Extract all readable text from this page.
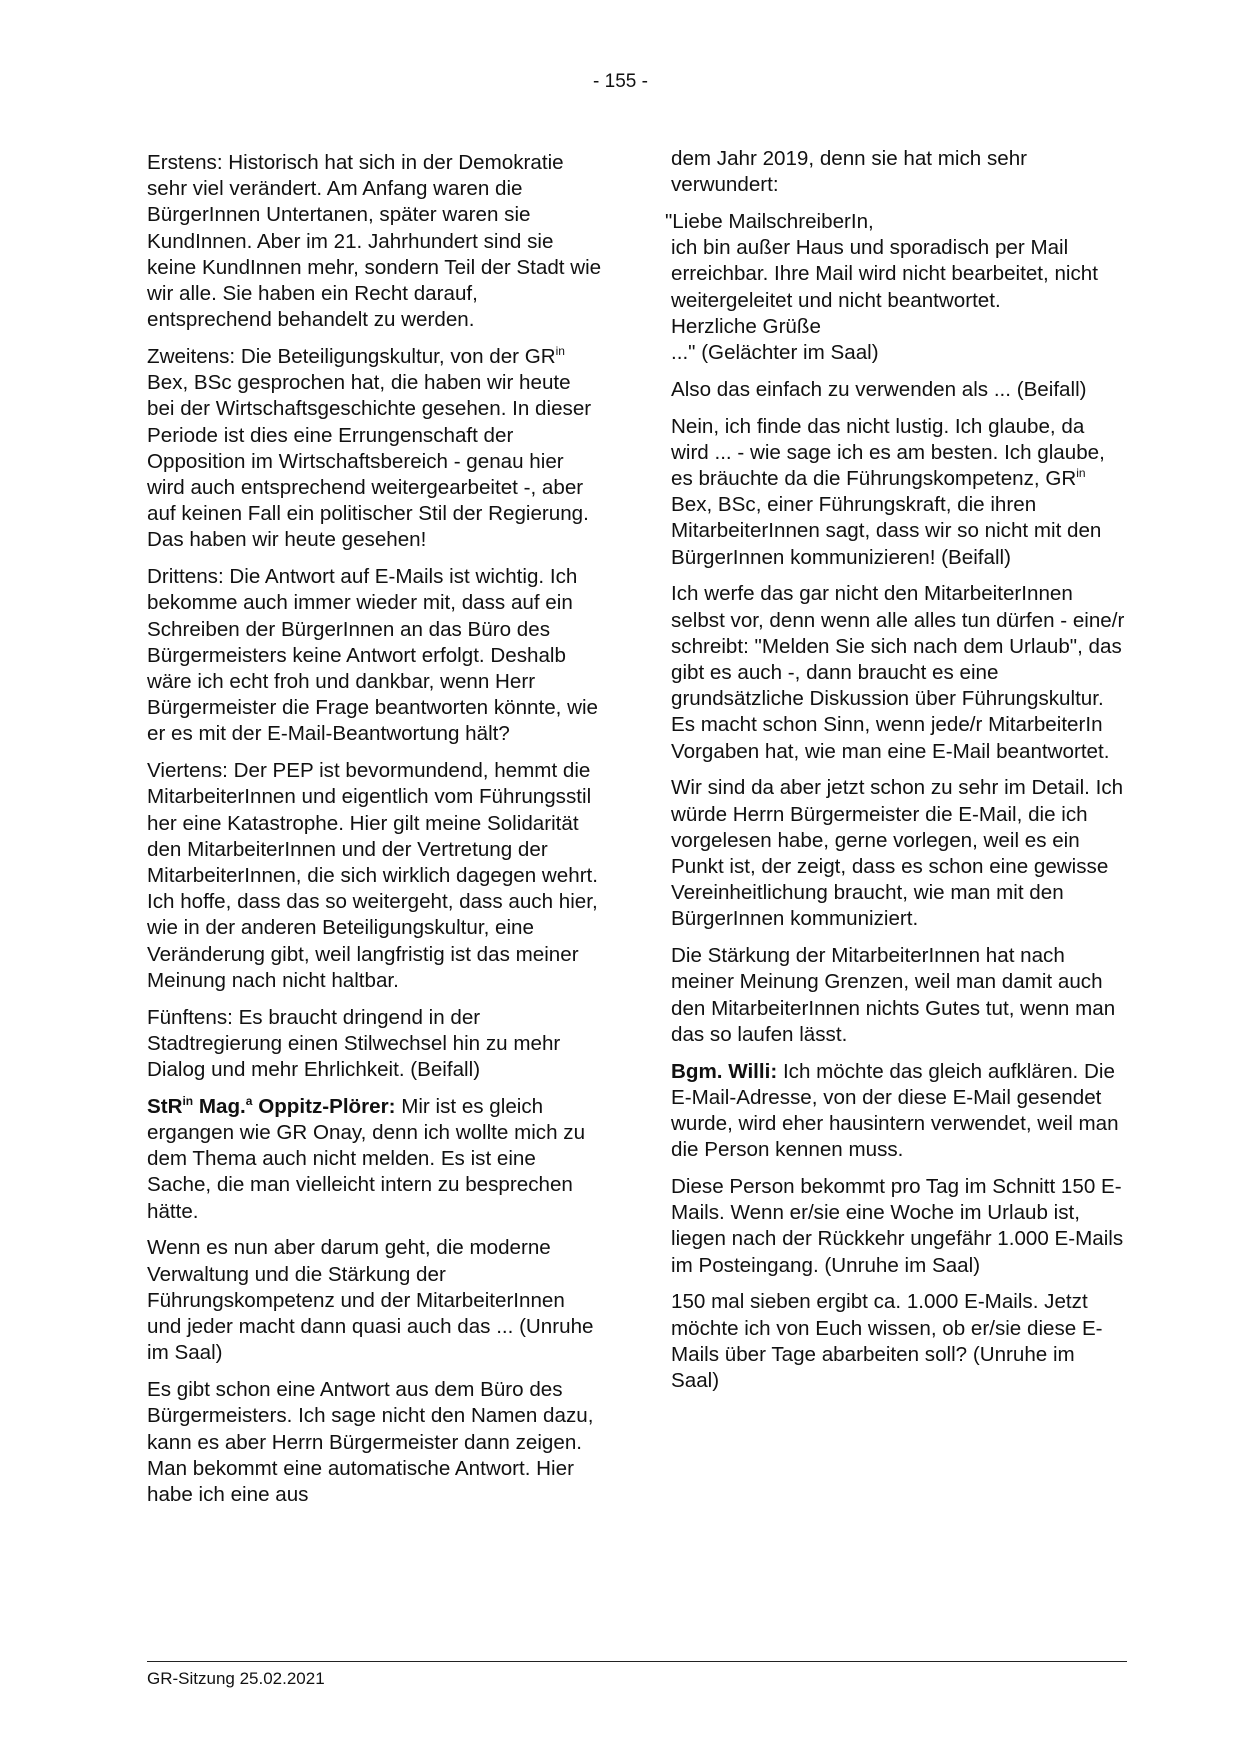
- 155 -

Erstens: Historisch hat sich in der Demokratie sehr viel verändert. Am Anfang waren die BürgerInnen Untertanen, später waren sie KundInnen. Aber im 21. Jahrhundert sind sie keine KundInnen mehr, sondern Teil der Stadt wie wir alle. Sie haben ein Recht darauf, entsprechend behandelt zu werden.

Zweitens: Die Beteiligungskultur, von der $GR^{in}$ Bex, BSc gesprochen hat, die haben wir heute bei der Wirtschaftsgeschichte gesehen. In dieser Periode ist dies eine Errungenschaft der Opposition im Wirtschaftsbereich - genau hier wird auch entsprechend weitergearbeitet -, aber auf keinen Fall ein politischer Stil der Regierung. Das haben wir heute gesehen!

Drittens: Die Antwort auf E-Mails ist wichtig. Ich bekomme auch immer wieder mit, dass auf ein Schreiben der BürgerInnen an das Büro des Bürgermeisters keine Antwort erfolgt. Deshalb wäre ich echt froh und dankbar, wenn Herr Bürgermeister die Frage beantworten könnte, wie er es mit der E-Mail-Beantwortung hält?

Viertens: Der PEP ist bevormundend, hemmt die MitarbeiterInnen und eigentlich vom Führungsstil her eine Katastrophe. Hier gilt meine Solidarität den MitarbeiterInnen und der Vertretung der MitarbeiterInnen, die sich wirklich dagegen wehrt. Ich hoffe, dass das so weitergeht, dass auch hier, wie in der anderen Beteiligungskultur, eine Veränderung gibt, weil langfristig ist das meiner Meinung nach nicht haltbar.

Fünftens: Es braucht dringend in der Stadtregierung einen Stilwechsel hin zu mehr Dialog und mehr Ehrlichkeit. (Beifall)

StR$^{in}$ Mag.$^a$ Oppitz-Plörer: Mir ist es gleich ergangen wie GR Onay, denn ich wollte mich zu dem Thema auch nicht melden. Es ist eine Sache, die man vielleicht intern zu besprechen hätte.

Wenn es nun aber darum geht, die moderne Verwaltung und die Stärkung der Führungskompetenz und der MitarbeiterInnen und jeder macht dann quasi auch das ... (Unruhe im Saal)

Es gibt schon eine Antwort aus dem Büro des Bürgermeisters. Ich sage nicht den Namen dazu, kann es aber Herrn Bürgermeister dann zeigen. Man bekommt eine automatische Antwort. Hier habe ich eine aus

dem Jahr 2019, denn sie hat mich sehr verwundert:

"Liebe MailschreiberIn,
ich bin außer Haus und sporadisch per Mail erreichbar. Ihre Mail wird nicht bearbeitet, nicht weitergeleitet und nicht beantwortet.
Herzliche Grüße
..." (Gelächter im Saal)

Also das einfach zu verwenden als ... (Beifall)

Nein, ich finde das nicht lustig. Ich glaube, da wird ... - wie sage ich es am besten. Ich glaube, es bräuchte da die Führungskompetenz, $GR^{in}$ Bex, BSc, einer Führungskraft, die ihren MitarbeiterInnen sagt, dass wir so nicht mit den BürgerInnen kommunizieren! (Beifall)

Ich werfe das gar nicht den MitarbeiterInnen selbst vor, denn wenn alle alles tun dürfen - eine/r schreibt: "Melden Sie sich nach dem Urlaub", das gibt es auch -, dann braucht es eine grundsätzliche Diskussion über Führungskultur. Es macht schon Sinn, wenn jede/r MitarbeiterIn Vorgaben hat, wie man eine E-Mail beantwortet.

Wir sind da aber jetzt schon zu sehr im Detail. Ich würde Herrn Bürgermeister die E-Mail, die ich vorgelesen habe, gerne vorlegen, weil es ein Punkt ist, der zeigt, dass es schon eine gewisse Vereinheitlichung braucht, wie man mit den BürgerInnen kommuniziert.

Die Stärkung der MitarbeiterInnen hat nach meiner Meinung Grenzen, weil man damit auch den MitarbeiterInnen nichts Gutes tut, wenn man das so laufen lässt.

Bgm. Willi: Ich möchte das gleich aufklären. Die E-Mail-Adresse, von der diese E-Mail gesendet wurde, wird eher hausintern verwendet, weil man die Person kennen muss.

Diese Person bekommt pro Tag im Schnitt 150 E-Mails. Wenn er/sie eine Woche im Urlaub ist, liegen nach der Rückkehr ungefähr 1.000 E-Mails im Posteingang. (Unruhe im Saal)

150 mal sieben ergibt ca. 1.000 E-Mails. Jetzt möchte ich von Euch wissen, ob er/sie diese E-Mails über Tage abarbeiten soll? (Unruhe im Saal)

GR-Sitzung 25.02.2021
